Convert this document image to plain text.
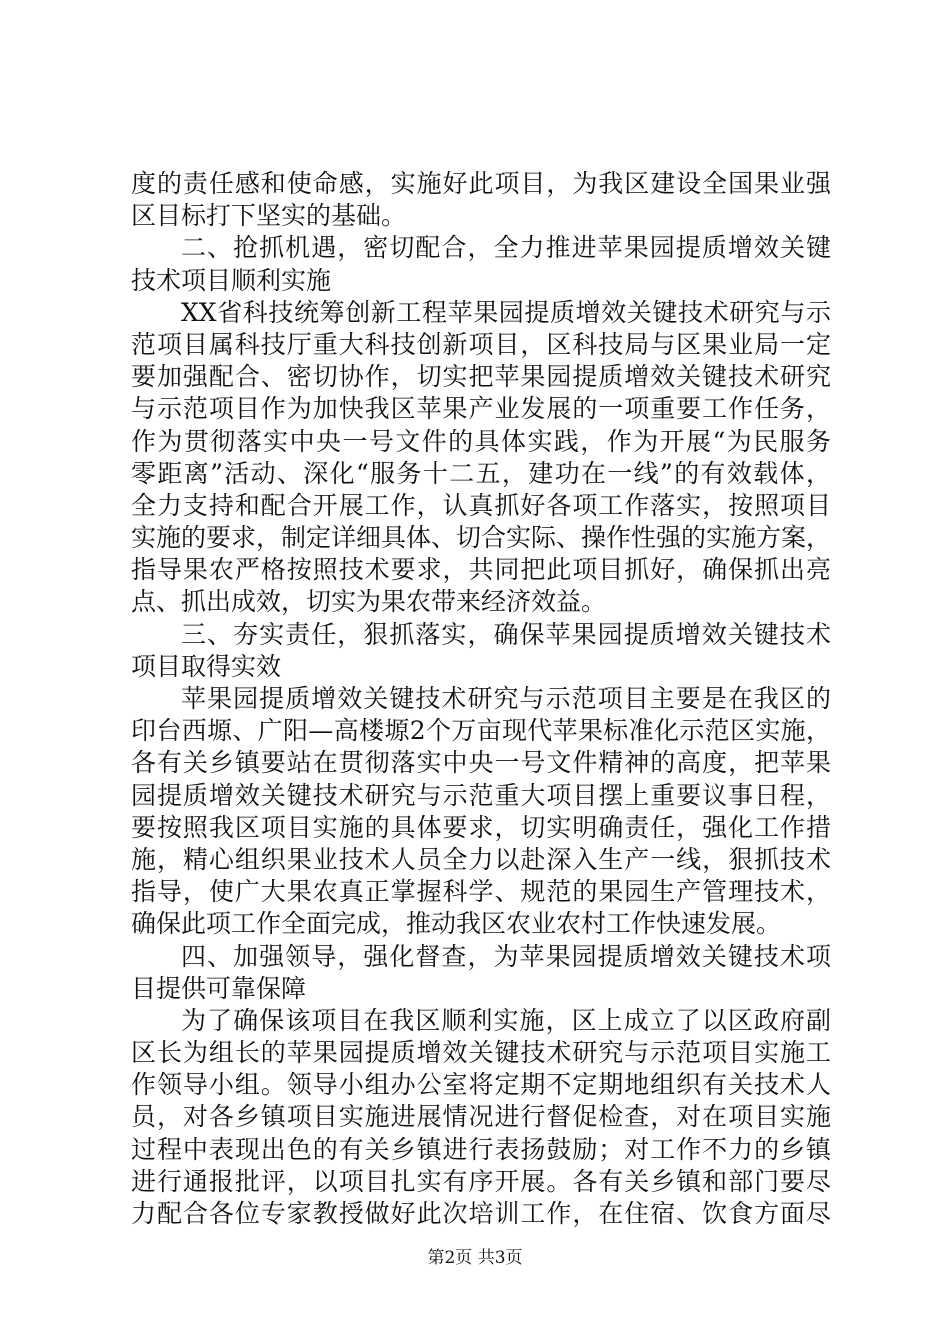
度的责任感和使命感，实施好此项目，为我区建设全国果业强
区目标打下坚实的基础。
二、抢抓机遇，密切配合，全力推进苹果园提质增效关键
技术项目顺利实施
XX省科技统筹创新工程苹果园提质增效关键技术研究与示
范项目属科技厅重大科技创新项目，区科技局与区果业局一定
要加强配合、密切协作，切实把苹果园提质增效关键技术研究
与示范项目作为加快我区苹果产业发展的一项重要工作任务，
作为贯彻落实中央一号文件的具体实践，作为开展“为民服务
零距离”活动、深化“服务十二五，建功在一线”的有效载体，
全力支持和配合开展工作，认真抓好各项工作落实，按照项目
实施的要求，制定详细具体、切合实际、操作性强的实施方案，
指导果农严格按照技术要求，共同把此项目抓好，确保抓出亮
点、抓出成效，切实为果农带来经济效益。
三、夯实责任，狠抓落实，确保苹果园提质增效关键技术
项目取得实效
苹果园提质增效关键技术研究与示范项目主要是在我区的
印台西塬、广阳—高楼塬2个万亩现代苹果标准化示范区实施，
各有关乡镇要站在贯彻落实中央一号文件精神的高度，把苹果
园提质增效关键技术研究与示范重大项目摆上重要议事日程，
要按照我区项目实施的具体要求，切实明确责任，强化工作措
施，精心组织果业技术人员全力以赴深入生产一线，狠抓技术
指导，使广大果农真正掌握科学、规范的果园生产管理技术，
确保此项工作全面完成，推动我区农业农村工作快速发展。
四、加强领导，强化督查，为苹果园提质增效关键技术项
目提供可靠保障
为了确保该项目在我区顺利实施，区上成立了以区政府副
区长为组长的苹果园提质增效关键技术研究与示范项目实施工
作领导小组。领导小组办公室将定期不定期地组织有关技术人
员，对各乡镇项目实施进展情况进行督促检查，对在项目实施
过程中表现出色的有关乡镇进行表扬鼓励；对工作不力的乡镇
进行通报批评，以项目扎实有序开展。各有关乡镇和部门要尽
力配合各位专家教授做好此次培训工作，在住宿、饮食方面尽
第2页 共3页
